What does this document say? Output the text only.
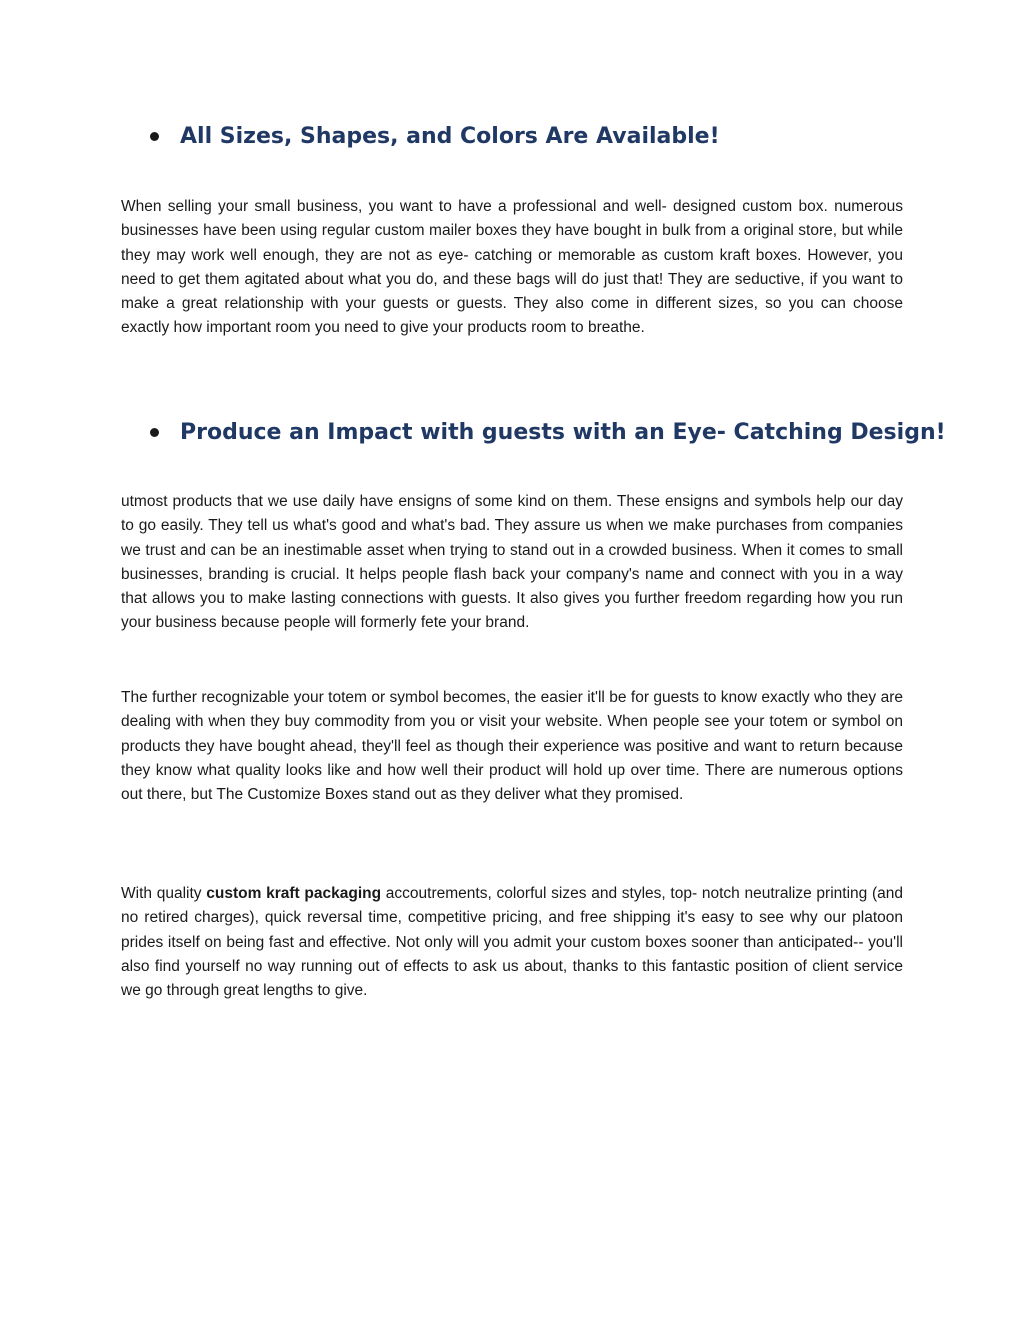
All Sizes, Shapes, and Colors Are Available!

When selling your small business, you want to have a professional and well- designed custom box. numerous businesses have been using regular custom mailer boxes they have bought in bulk from a original store, but while they may work well enough, they are not as eye- catching or memorable as custom kraft boxes. However, you need to get them agitated about what you do, and these bags will do just that! They are seductive, if you want to make a great relationship with your guests or guests. They also come in different sizes, so you can choose exactly how important room you need to give your products room to breathe.

Produce an Impact with guests with an Eye- Catching Design!

utmost products that we use daily have ensigns of some kind on them. These ensigns and symbols help our day to go easily. They tell us what's good and what's bad. They assure us when we make purchases from companies we trust and can be an inestimable asset when trying to stand out in a crowded business. When it comes to small businesses, branding is crucial. It helps people flash back your company's name and connect with you in a way that allows you to make lasting connections with guests. It also gives you further freedom regarding how you run your business because people will formerly fete your brand.

The further recognizable your totem or symbol becomes, the easier it'll be for guests to know exactly who they are dealing with when they buy commodity from you or visit your website. When people see your totem or symbol on products they have bought ahead, they'll feel as though their experience was positive and want to return because they know what quality looks like and how well their product will hold up over time. There are numerous options out there, but The Customize Boxes stand out as they deliver what they promised.

With quality custom kraft packaging accoutrements, colorful sizes and styles, top- notch neutralize printing (and no retired charges), quick reversal time, competitive pricing, and free shipping it's easy to see why our platoon prides itself on being fast and effective. Not only will you admit your custom boxes sooner than anticipated-- you'll also find yourself no way running out of effects to ask us about, thanks to this fantastic position of client service we go through great lengths to give.
